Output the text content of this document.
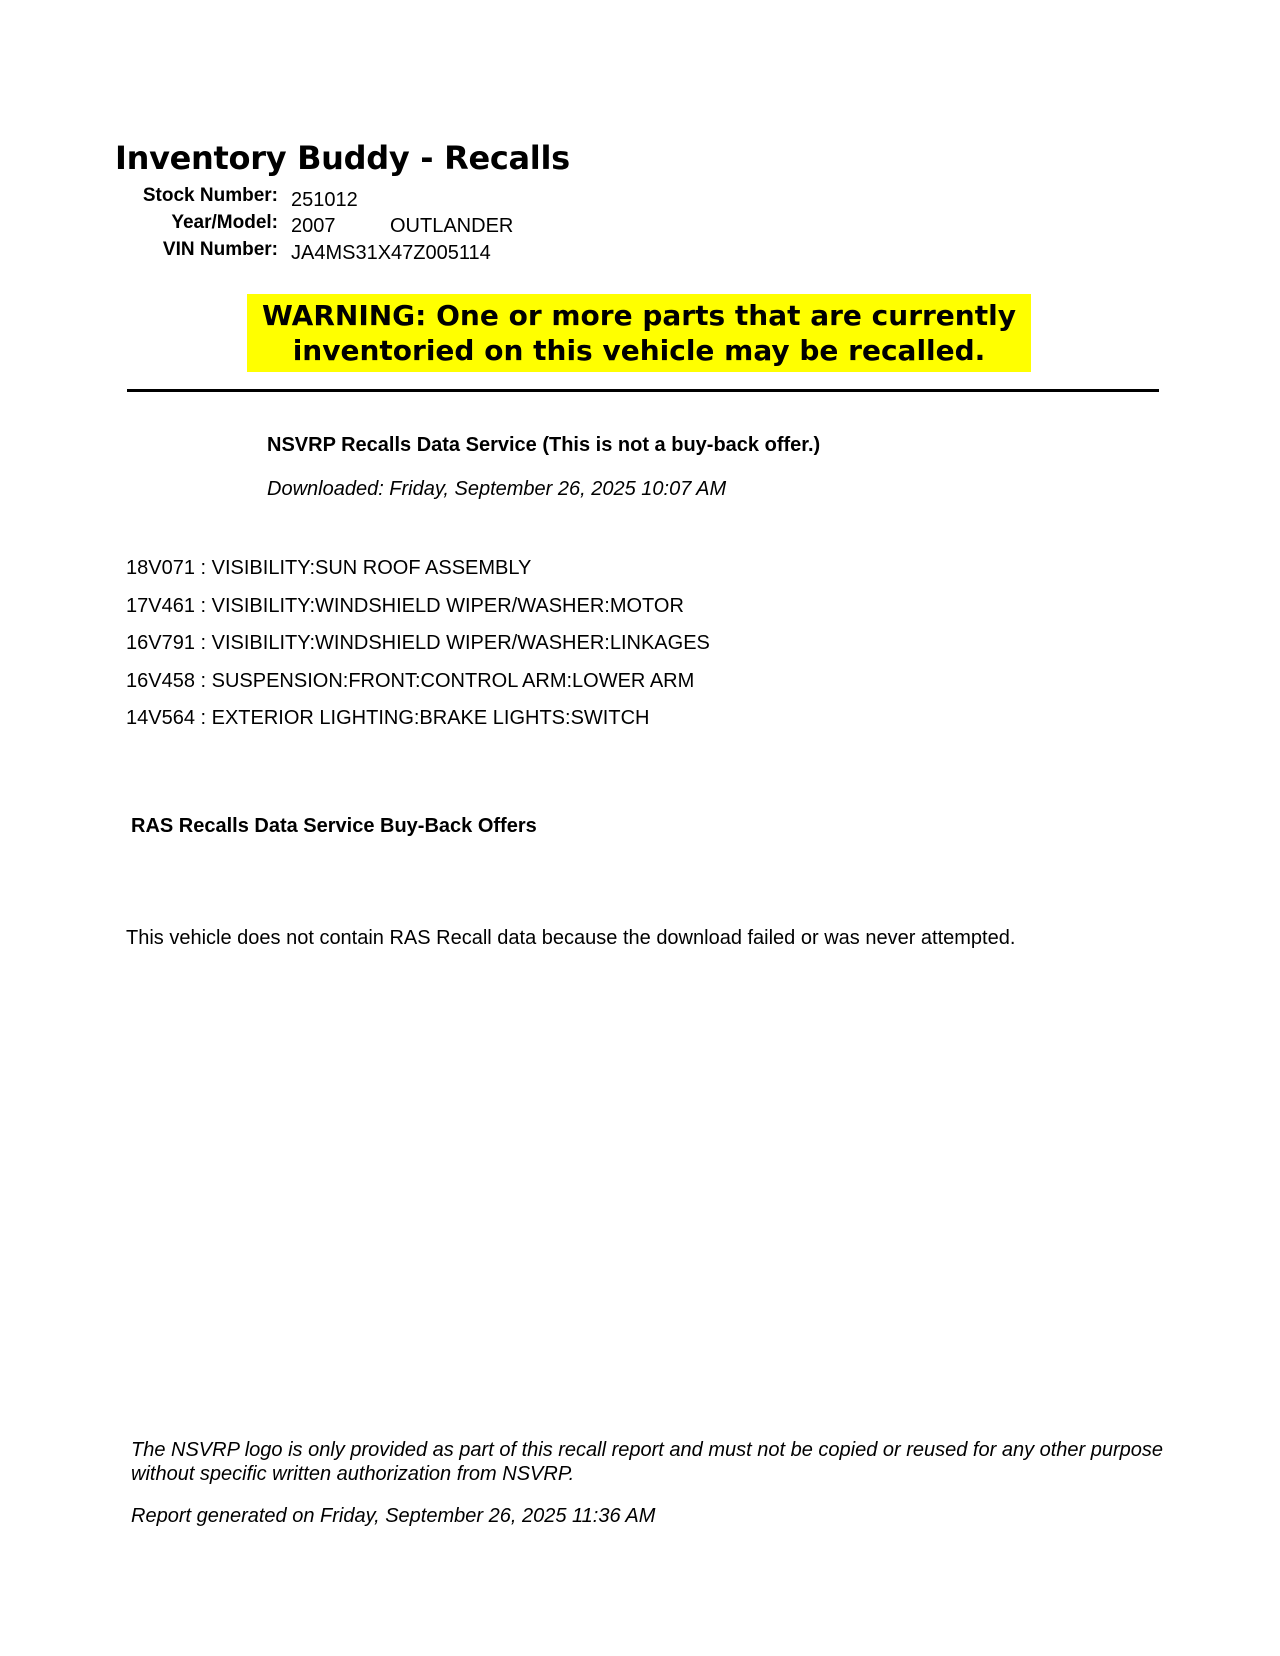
Inventory Buddy - Recalls
Stock Number: 251012
Year/Model: 2007	OUTLANDER
VIN Number: JA4MS31X47Z005114
WARNING: One or more parts that are currently
inventoried on this vehicle may be recalled.
NSVRP Recalls Data Service (This is not a buy-back offer.)
Downloaded: Friday, September 26, 2025 10:07 AM
18V071 : VISIBILITY:SUN ROOF ASSEMBLY
17V461 : VISIBILITY:WINDSHIELD WIPER/WASHER:MOTOR
16V791 : VISIBILITY:WINDSHIELD WIPER/WASHER:LINKAGES
16V458 : SUSPENSION:FRONT:CONTROL ARM:LOWER ARM
14V564 : EXTERIOR LIGHTING:BRAKE LIGHTS:SWITCH
RAS Recalls Data Service Buy-Back Offers
This vehicle does not contain RAS Recall data because the download failed or was never attempted.
The NSVRP logo is only provided as part of this recall report and must not be copied or reused for any other purpose without specific written authorization from NSVRP.
Report generated on Friday, September 26, 2025 11:36 AM
